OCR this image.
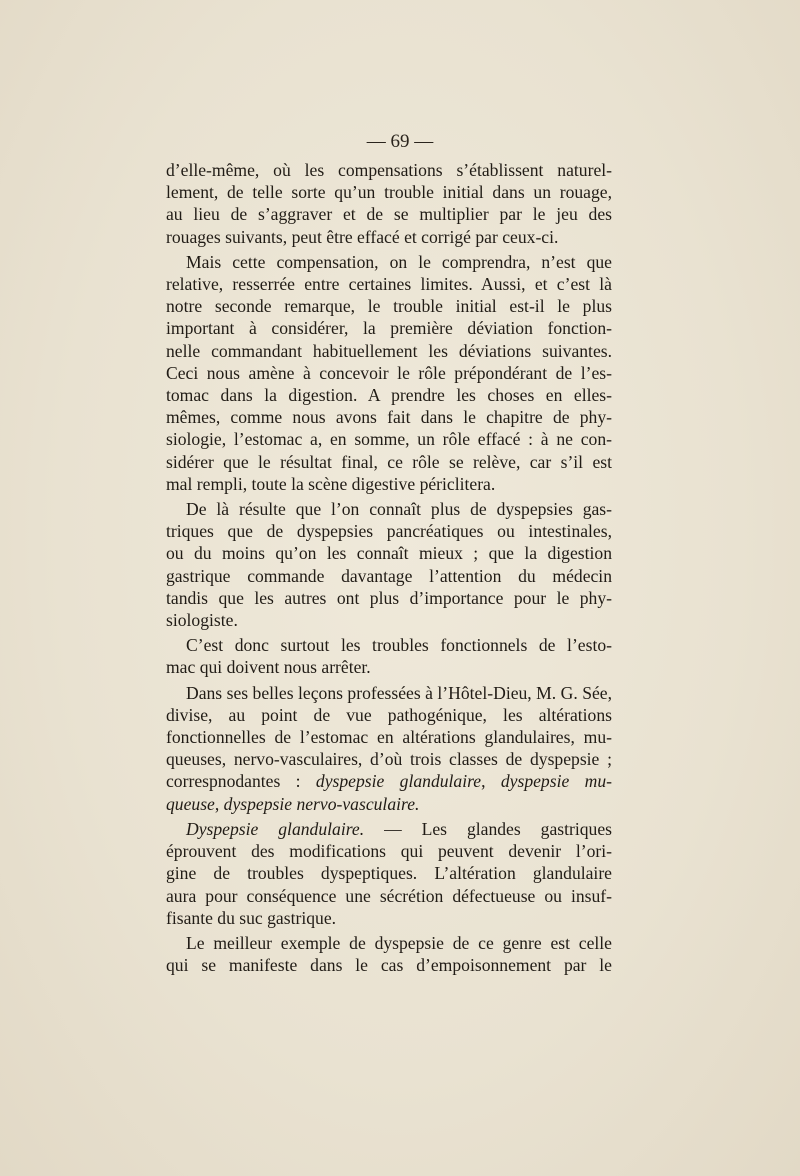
— 69 —
d’elle-même, où les compensations s’établissent naturel-
lement, de telle sorte qu’un trouble initial dans un rouage,
au lieu de s’aggraver et de se multiplier par le jeu des
rouages suivants, peut être effacé et corrigé par ceux-ci.
Mais cette compensation, on le comprendra, n’est que
relative, resserrée entre certaines limites. Aussi, et c’est là
notre seconde remarque, le trouble initial est-il le plus
important à considérer, la première déviation fonction-
nelle commandant habituellement les déviations suivantes.
Ceci nous amène à concevoir le rôle prépondérant de l’es-
tomac dans la digestion. A prendre les choses en elles-
mêmes, comme nous avons fait dans le chapitre de phy-
siologie, l’estomac a, en somme, un rôle effacé : à ne con-
sidérer que le résultat final, ce rôle se relève, car s’il est
mal rempli, toute la scène digestive périclitera.
De là résulte que l’on connaît plus de dyspepsies gas-
triques que de dyspepsies pancréatiques ou intestinales,
ou du moins qu’on les connaît mieux ; que la digestion
gastrique commande davantage l’attention du médecin
tandis que les autres ont plus d’importance pour le phy-
siologiste.
C’est donc surtout les troubles fonctionnels de l’esto-
mac qui doivent nous arrêter.
Dans ses belles leçons professées à l’Hôtel-Dieu, M. G. Sée,
divise, au point de vue pathogénique, les altérations
fonctionnelles de l’estomac en altérations glandulaires, mu-
queuses, nervo-vasculaires, d’où trois classes de dyspepsie ;
correspnodantes : dyspepsie glandulaire, dyspepsie mu-
queuse, dyspepsie nervo-vasculaire.
Dyspepsie glandulaire. — Les glandes gastriques
éprouvent des modifications qui peuvent devenir l’ori-
gine de troubles dyspeptiques. L’altération glandulaire
aura pour conséquence une sécrétion défectueuse ou insuf-
fisante du suc gastrique.
Le meilleur exemple de dyspepsie de ce genre est celle
qui se manifeste dans le cas d’empoisonnement par le
